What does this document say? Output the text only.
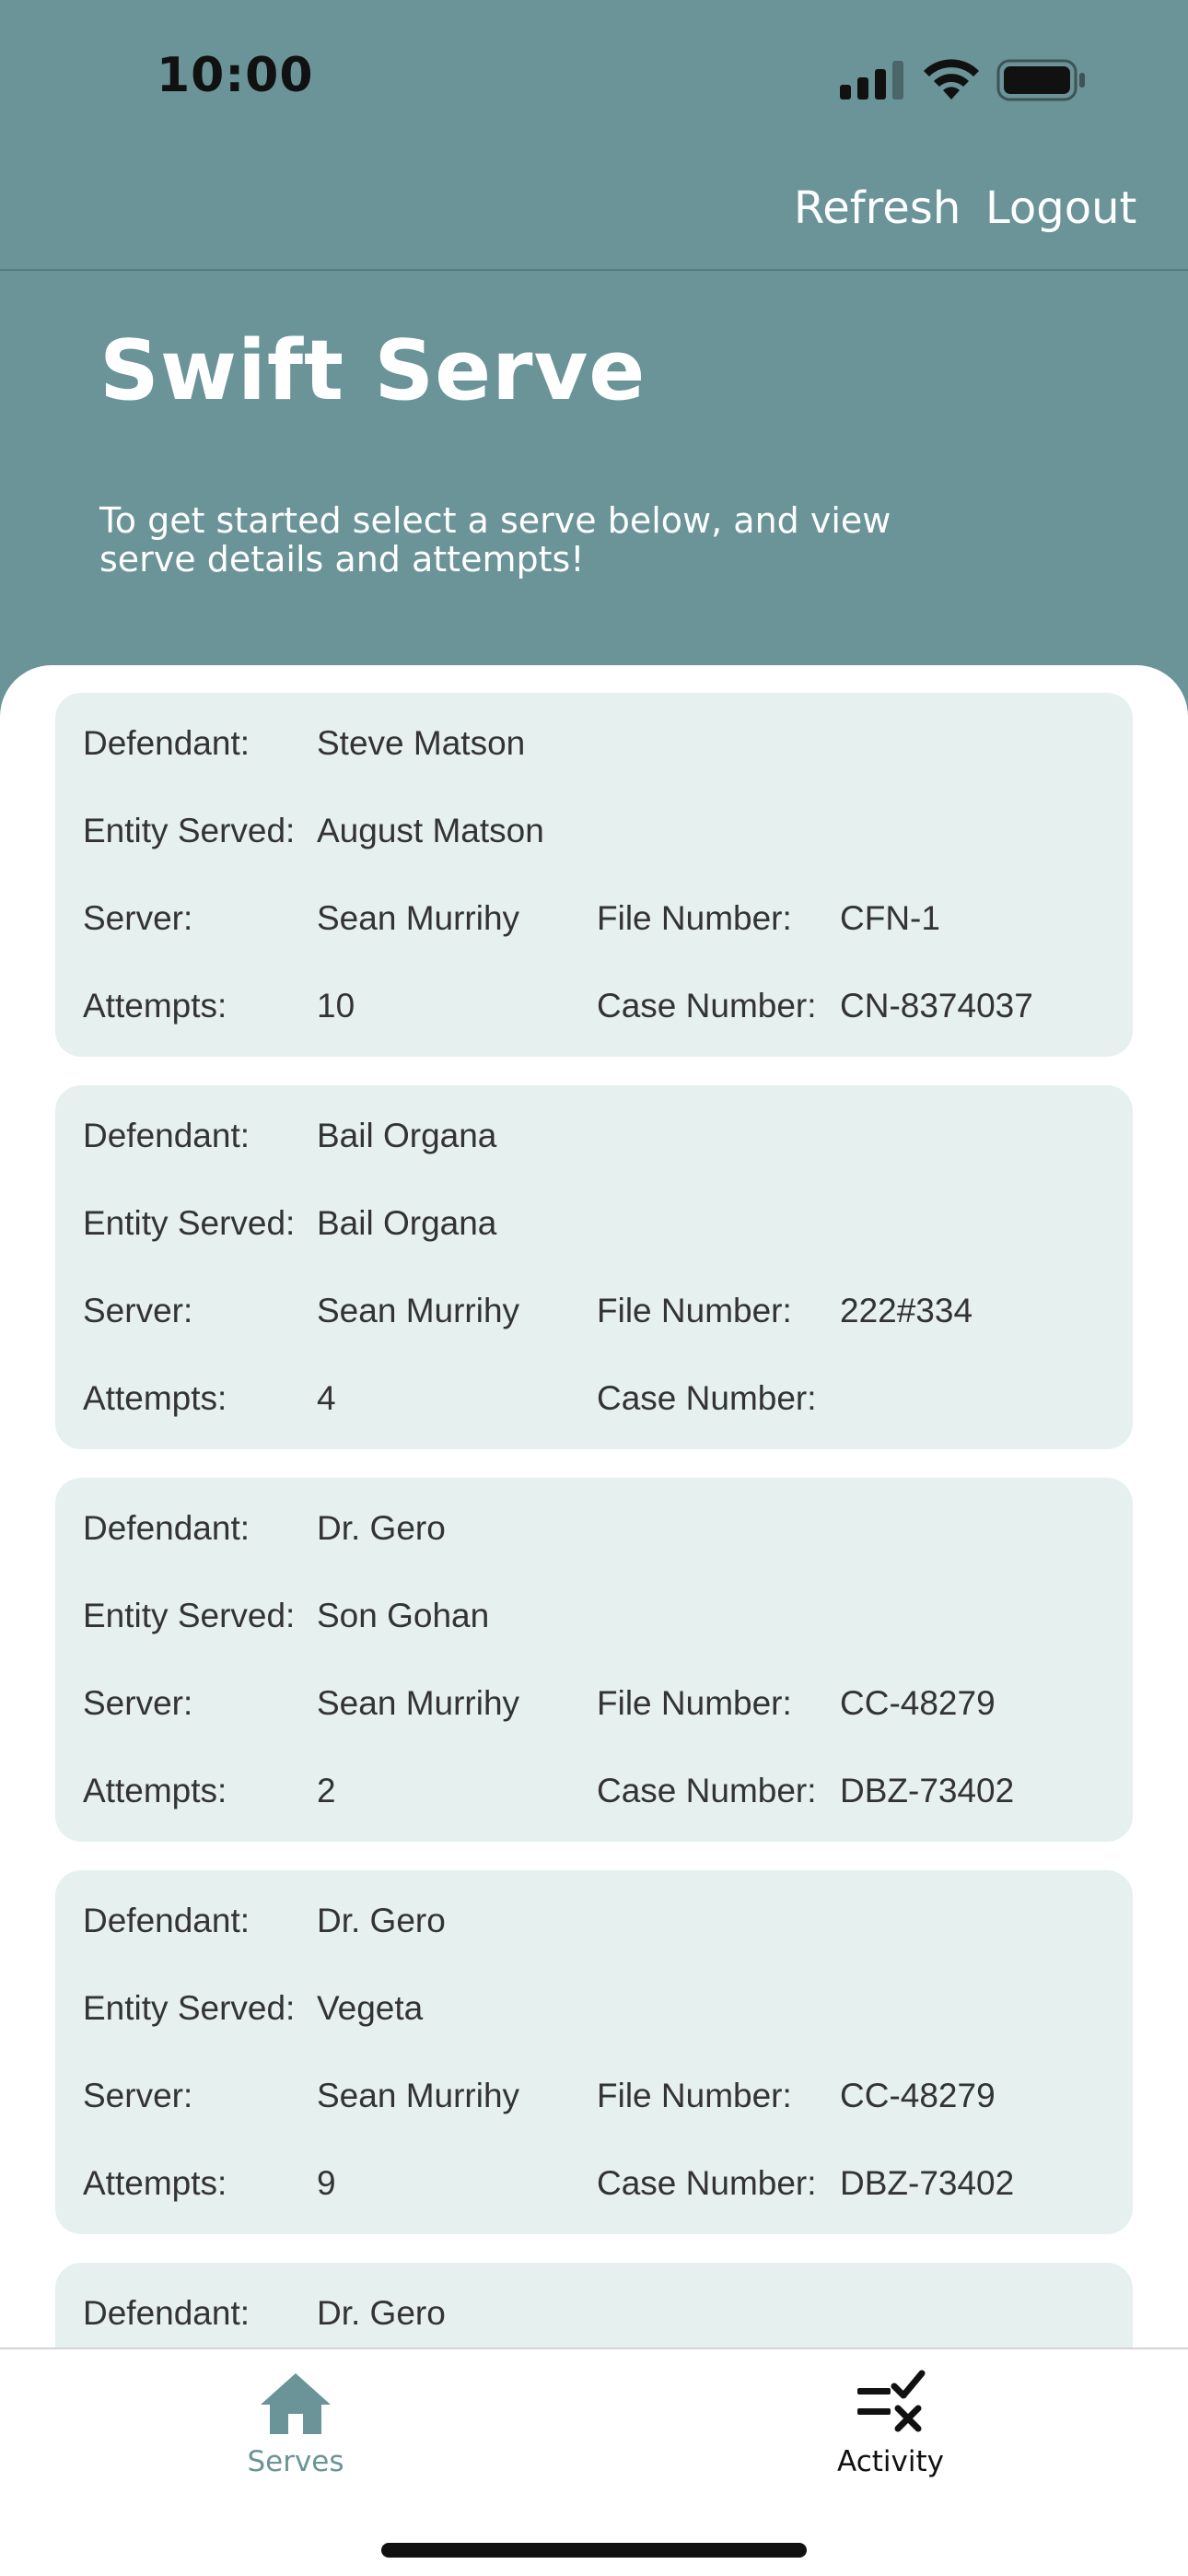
10:00
Refresh Logout
Swift Serve

To get started select a serve below, and view serve details and attempts!

Defendant: Steve Matson
Entity Served: August Matson
Server:	Sean Murrihy File Number: CFN-1
Attempts:	10	Case Number: CN-8374037
Defendant: Bail Organa
Entity Served: Bail Organa
Server:	Sean Murrihy File Number: 222#334
Attempts:	4	Case Number:
Defendant: Dr. Gero
Entity Served: Son Gohan
Server:	Sean Murrihy File Number: CC-48279
Attempts:	2	Case Number: DBZ-73402
Defendant: Dr. Gero
Entity Served: Vegeta
Server:	Sean Murrihy File Number: CC-48279
Attempts:	9	Case Number: DBZ-73402
Defendant: Dr. Gero
Serves	Activity
